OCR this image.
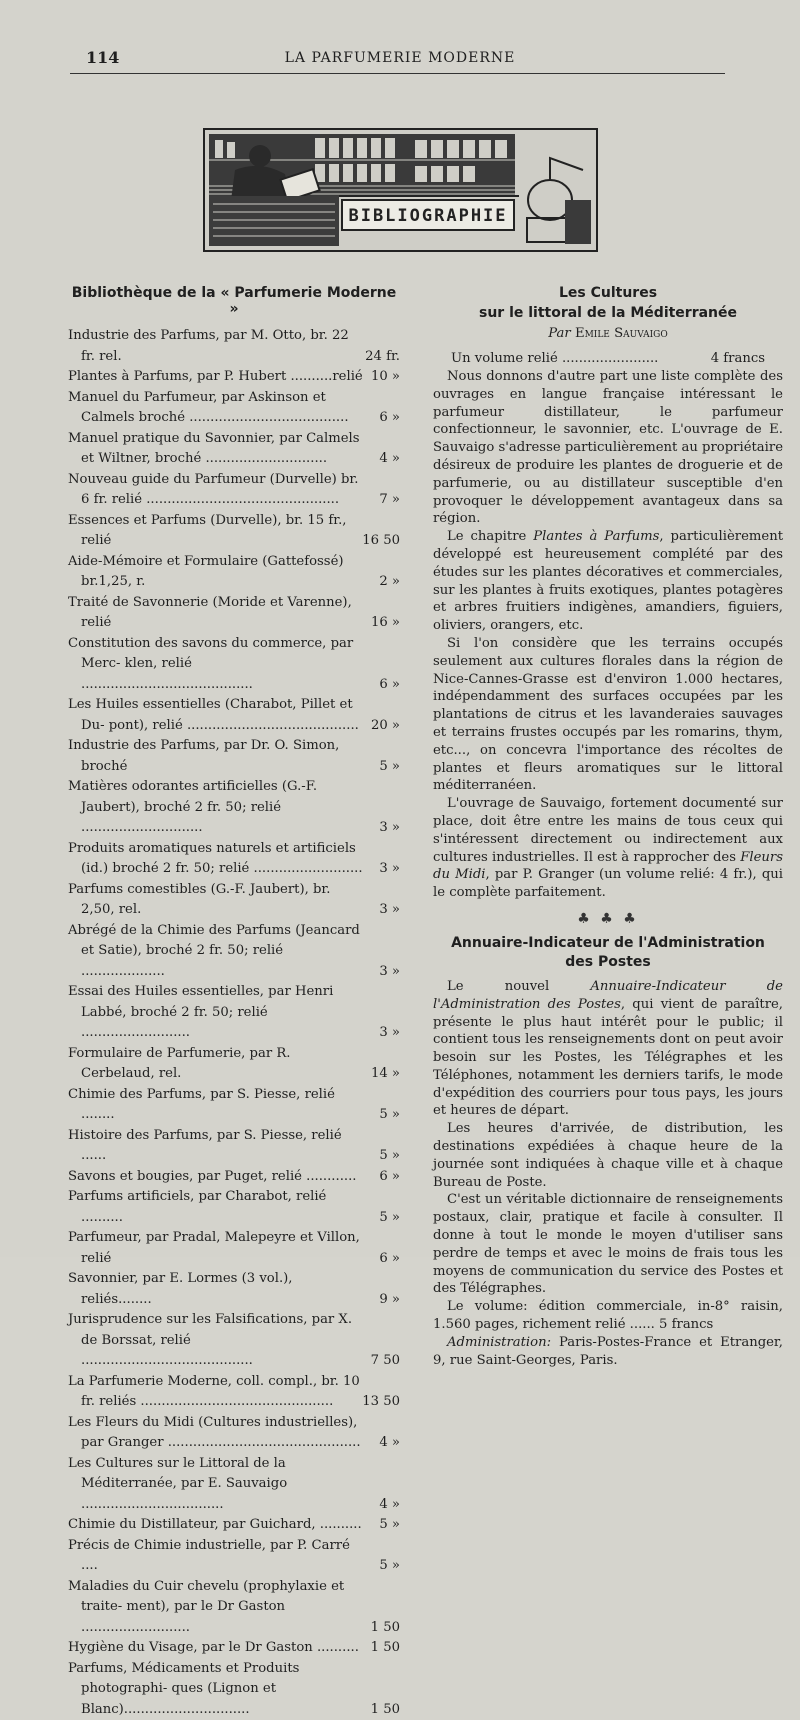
114	LA PARFUMERIE MODERNE
BIBLIOGRAPHIE
Bibliothèque de la « Parfumerie Moderne »
Industrie des Parfums, par M. Otto, br. 22 fr. rel.	24 fr.
Plantes à Parfums, par P. Hubert ..........relié 10 »
Manuel du Parfumeur, par Askinson et Calmels broché ......................................	6 »
Manuel pratique du Savonnier, par Calmels et Wiltner, broché .............................	4 »
Nouveau guide du Parfumeur (Durvelle) br. 6 fr. relié ..............................................	7 »
Essences et Parfums (Durvelle), br. 15 fr., relié	16 50
Aide-Mémoire et Formulaire (Gattefossé) br.1,25, r.	2 »
Traité de Savonnerie (Moride et Varenne), relié	16 »
Constitution des savons du commerce, par Merc- klen, relié .........................................	6 »
Les Huiles essentielles (Charabot, Pillet et Du- pont), relié ......................................... 20 »
Industrie des Parfums, par Dr. O. Simon, broché	5 »
Matières odorantes artificielles (G.-F. Jaubert), broché 2 fr. 50; relié .............................	3 »
Produits aromatiques naturels et artificiels (id.) broché 2 fr. 50; relié ..........................	3 »
Parfums comestibles (G.-F. Jaubert), br. 2,50, rel.	3 »
Abrégé de la Chimie des Parfums (Jeancard et Satie), broché 2 fr. 50; relié ....................	3 »
Essai des Huiles essentielles, par Henri Labbé, broché 2 fr. 50; relié ..........................	3 »
Formulaire de Parfumerie, par R. Cerbelaud, rel.	14 »
Chimie des Parfums, par S. Piesse, relié ........	5 »
Histoire des Parfums, par S. Piesse, relié ......	5 »
Savons et bougies, par Puget, relié ............	6 »
Parfums artificiels, par Charabot, relié ..........	5 »
Parfumeur, par Pradal, Malepeyre et Villon, relié	6 »
Savonnier, par E. Lormes (3 vol.), reliés........	9 »
Jurisprudence sur les Falsifications, par X. de Borssat, relié .........................................	7 50
La Parfumerie Moderne, coll. compl., br. 10 fr. reliés ..............................................	13 50
Les Fleurs du Midi (Cultures industrielles), par Granger ..............................................	4 »
Les Cultures sur le Littoral de la Méditerranée, par E. Sauvaigo ..................................	4 »
Chimie du Distillateur, par Guichard, ..........	5 »
Précis de Chimie industrielle, par P. Carré ....	5 »
Maladies du Cuir chevelu (prophylaxie et traite- ment), par le Dr Gaston ..........................	1 50
Hygiène du Visage, par le Dr Gaston .......... 1 50
Parfums, Médicaments et Produits photographi- ques (Lignon et Blanc)..............................	1 50
Les Cultures
sur le littoral de la Méditerranée
Par Emile Sauvaigo
Un volume relié .......................	4 francs

Nous donnons d'autre part une liste complète des ouvrages en langue française intéressant le parfumeur distillateur, le parfumeur confectionneur, le savonnier, etc. L'ouvrage de E. Sauvaigo s'adresse particulièrement au propriétaire désireux de produire les plantes de droguerie et de parfumerie, ou au distillateur susceptible d'en provoquer le développement avantageux dans sa région.

Le chapitre Plantes à Parfums, particulièrement développé est heureusement complété par des études sur les plantes décoratives et commerciales, sur les plantes à fruits exotiques, plantes potagères et arbres fruitiers indigènes, amandiers, figuiers, oliviers, orangers, etc.

Si l'on considère que les terrains occupés seulement aux cultures florales dans la région de Nice-Cannes-Grasse est d'environ 1.000 hectares, indépendamment des surfaces occupées par les plantations de citrus et les lavanderaies sauvages et terrains frustes occupés par les romarins, thym, etc..., on concevra l'importance des récoltes de plantes et fleurs aromatiques sur le littoral méditerranéen.

L'ouvrage de Sauvaigo, fortement documenté sur place, doit être entre les mains de tous ceux qui s'intéressent directement ou indirectement aux cultures industrielles. Il est à rapprocher des Fleurs du Midi, par P. Granger (un volume relié: 4 fr.), qui le complète parfaitement.

♣ ♣ ♣
Annuaire-Indicateur de l'Administration
des Postes

Le nouvel	Annuaire-Indicateur de l'Administration des Postes, qui vient de paraître, présente le plus haut intérêt pour le public; il contient tous les renseignements dont on peut avoir besoin sur les Postes, les Télégraphes et les Téléphones, notamment les derniers tarifs, le mode d'expédition des courriers pour tous pays, les jours et heures de départ.

Les heures d'arrivée, de distribution, les destinations expédiées à chaque heure de la journée sont indiquées à chaque ville et à chaque Bureau de Poste.

C'est un véritable dictionnaire de renseignements postaux, clair, pratique et facile à consulter. Il donne à tout le monde le moyen d'utiliser sans perdre de temps et avec le moins de frais tous les moyens de communication du service des Postes et des Télégraphes.

Le volume: édition commerciale, in-8° raisin, 1.560 pages, richement relié ...... 5 francs

Administration: Paris-Postes-France et Etranger, 9, rue Saint-Georges, Paris.
